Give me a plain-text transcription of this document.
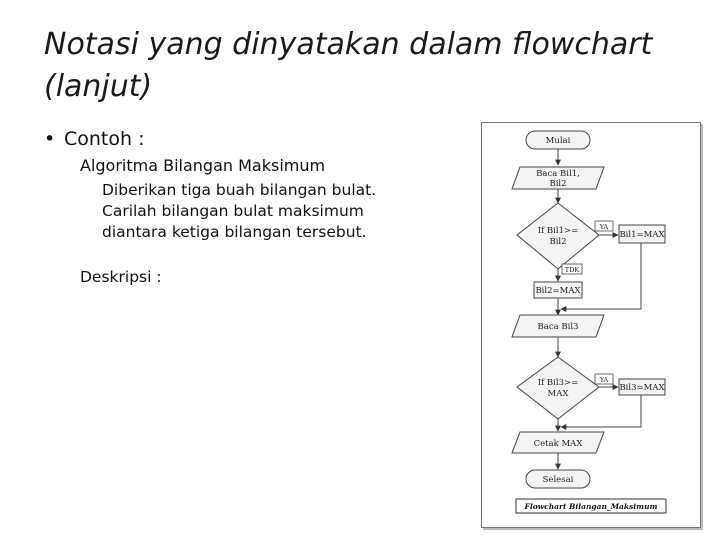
Notasi yang dinyatakan dalam flowchart (lanjut)
• Contoh :
Algoritma Bilangan Maksimum
Diberikan tiga buah bilangan bulat.
Carilah bilangan bulat maksimum
diantara ketiga bilangan tersebut.
Deskripsi :
Mulai
Baca Bil1,
Bil2
If Bil1>=
Bil2
Bil1=MAX
Bil2=MAX
Baca Bil3
If Bil3>=
MAX
Bil3=MAX
Cetak MAX
Selesai
YA
TDK
YA
Flowchart Bilangan_Maksimum
